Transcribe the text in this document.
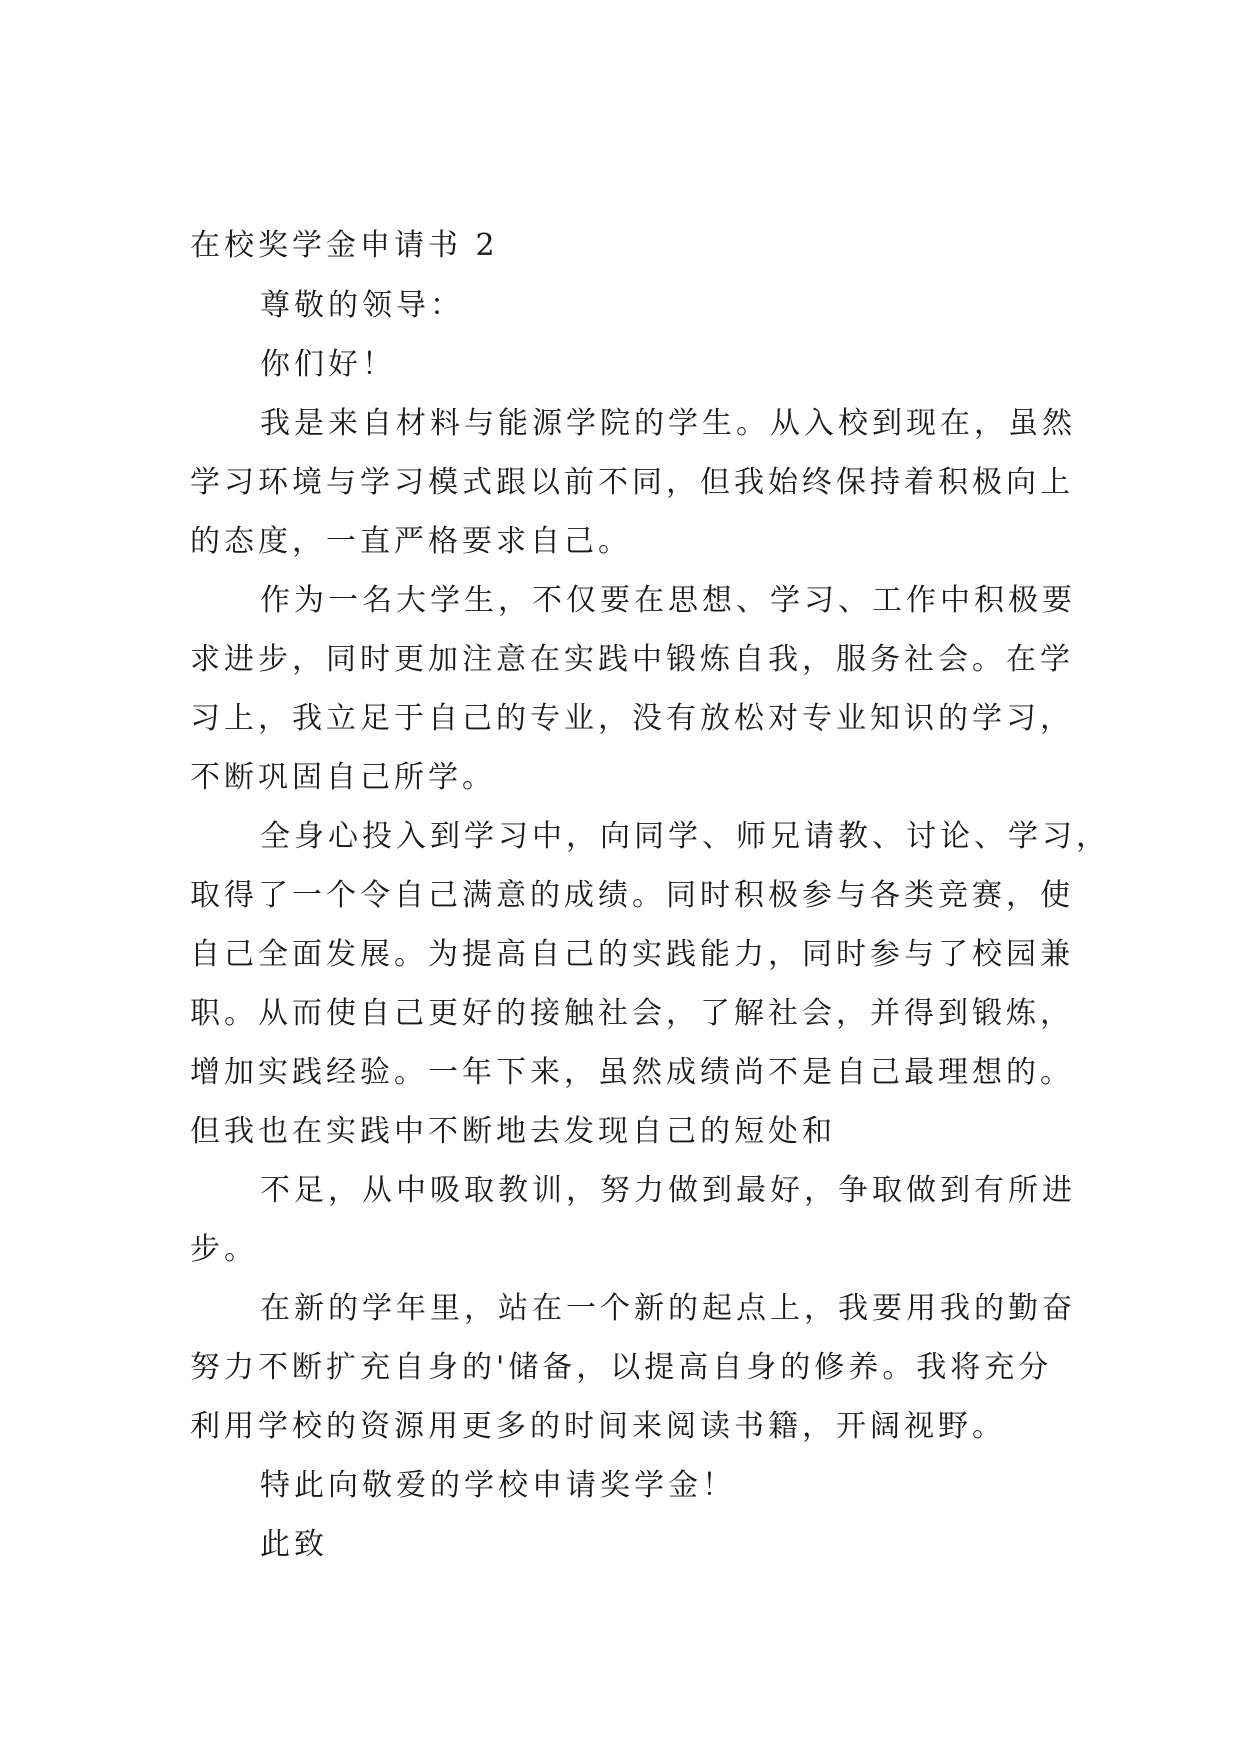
在校奖学金申请书 2

尊敬的领导：

你们好！

我是来自材料与能源学院的学生。从入校到现在，虽然
学习环境与学习模式跟以前不同，但我始终保持着积极向上
的态度，一直严格要求自己。

作为一名大学生，不仅要在思想、学习、工作中积极要
求进步，同时更加注意在实践中锻炼自我，服务社会。在学
习上，我立足于自己的专业，没有放松对专业知识的学习，
不断巩固自己所学。

全身心投入到学习中，向同学、师兄请教、讨论、学习，
取得了一个令自己满意的成绩。同时积极参与各类竞赛，使
自己全面发展。为提高自己的实践能力，同时参与了校园兼
职。从而使自己更好的接触社会，了解社会，并得到锻炼，
增加实践经验。一年下来，虽然成绩尚不是自己最理想的。
但我也在实践中不断地去发现自己的短处和

不足，从中吸取教训，努力做到最好，争取做到有所进
步。

在新的学年里，站在一个新的起点上，我要用我的勤奋
努力不断扩充自身的'储备，以提高自身的修养。我将充分
利用学校的资源用更多的时间来阅读书籍，开阔视野。

特此向敬爱的学校申请奖学金！

此致
